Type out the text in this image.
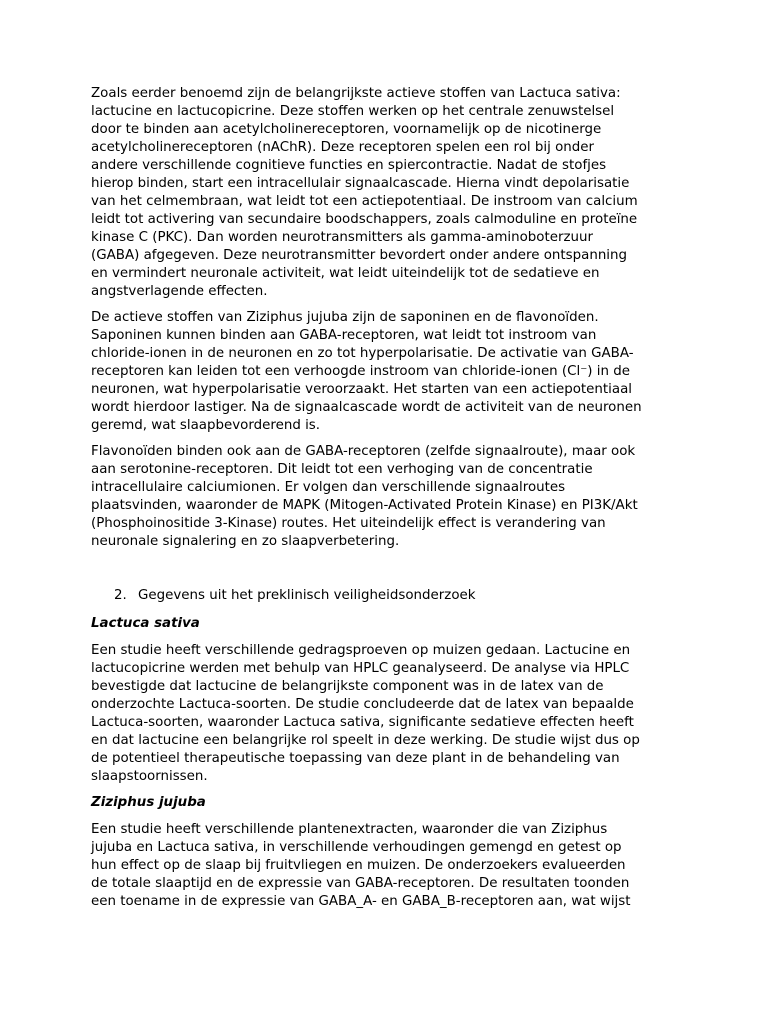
Zoals eerder benoemd zijn de belangrijkste actieve stoffen van Lactuca sativa:
lactucine en lactucopicrine. Deze stoffen werken op het centrale zenuwstelsel
door te binden aan acetylcholinereceptoren, voornamelijk op de nicotinerge
acetylcholinereceptoren (nAChR). Deze receptoren spelen een rol bij onder
andere verschillende cognitieve functies en spiercontractie. Nadat de stofjes
hierop binden, start een intracellulair signaalcascade. Hierna vindt depolarisatie
van het celmembraan, wat leidt tot een actiepotentiaal. De instroom van calcium
leidt tot activering van secundaire boodschappers, zoals calmoduline en proteïne
kinase C (PKC). Dan worden neurotransmitters als gamma-aminoboterzuur
(GABA) afgegeven. Deze neurotransmitter bevordert onder andere ontspanning
en vermindert neuronale activiteit, wat leidt uiteindelijk tot de sedatieve en
angstverlagende effecten.

De actieve stoffen van Ziziphus jujuba zijn de saponinen en de flavonoïden.
Saponinen kunnen binden aan GABA-receptoren, wat leidt tot instroom van
chloride-ionen in de neuronen en zo tot hyperpolarisatie. De activatie van GABA-
receptoren kan leiden tot een verhoogde instroom van chloride-ionen (Cl⁻) in de
neuronen, wat hyperpolarisatie veroorzaakt. Het starten van een actiepotentiaal
wordt hierdoor lastiger. Na de signaalcascade wordt de activiteit van de neuronen
geremd, wat slaapbevorderend is.

Flavonoïden binden ook aan de GABA-receptoren (zelfde signaalroute), maar ook
aan serotonine-receptoren. Dit leidt tot een verhoging van de concentratie
intracellulaire calciumionen. Er volgen dan verschillende signaalroutes
plaatsvinden, waaronder de MAPK (Mitogen-Activated Protein Kinase) en PI3K/Akt
(Phosphoinositide 3-Kinase) routes. Het uiteindelijk effect is verandering van
neuronale signalering en zo slaapverbetering.

2. Gegevens uit het preklinisch veiligheidsonderzoek
Lactuca sativa

Een studie heeft verschillende gedragsproeven op muizen gedaan. Lactucine en
lactucopicrine werden met behulp van HPLC geanalyseerd. De analyse via HPLC
bevestigde dat lactucine de belangrijkste component was in de latex van de
onderzochte Lactuca-soorten. De studie concludeerde dat de latex van bepaalde
Lactuca-soorten, waaronder Lactuca sativa, significante sedatieve effecten heeft
en dat lactucine een belangrijke rol speelt in deze werking. De studie wijst dus op
de potentieel therapeutische toepassing van deze plant in de behandeling van
slaapstoornissen.

Ziziphus jujuba

Een studie heeft verschillende plantenextracten, waaronder die van Ziziphus
jujuba en Lactuca sativa, in verschillende verhoudingen gemengd en getest op
hun effect op de slaap bij fruitvliegen en muizen. De onderzoekers evalueerden
de totale slaaptijd en de expressie van GABA-receptoren. De resultaten toonden
een toename in de expressie van GABA_A- en GABA_B-receptoren aan, wat wijst
